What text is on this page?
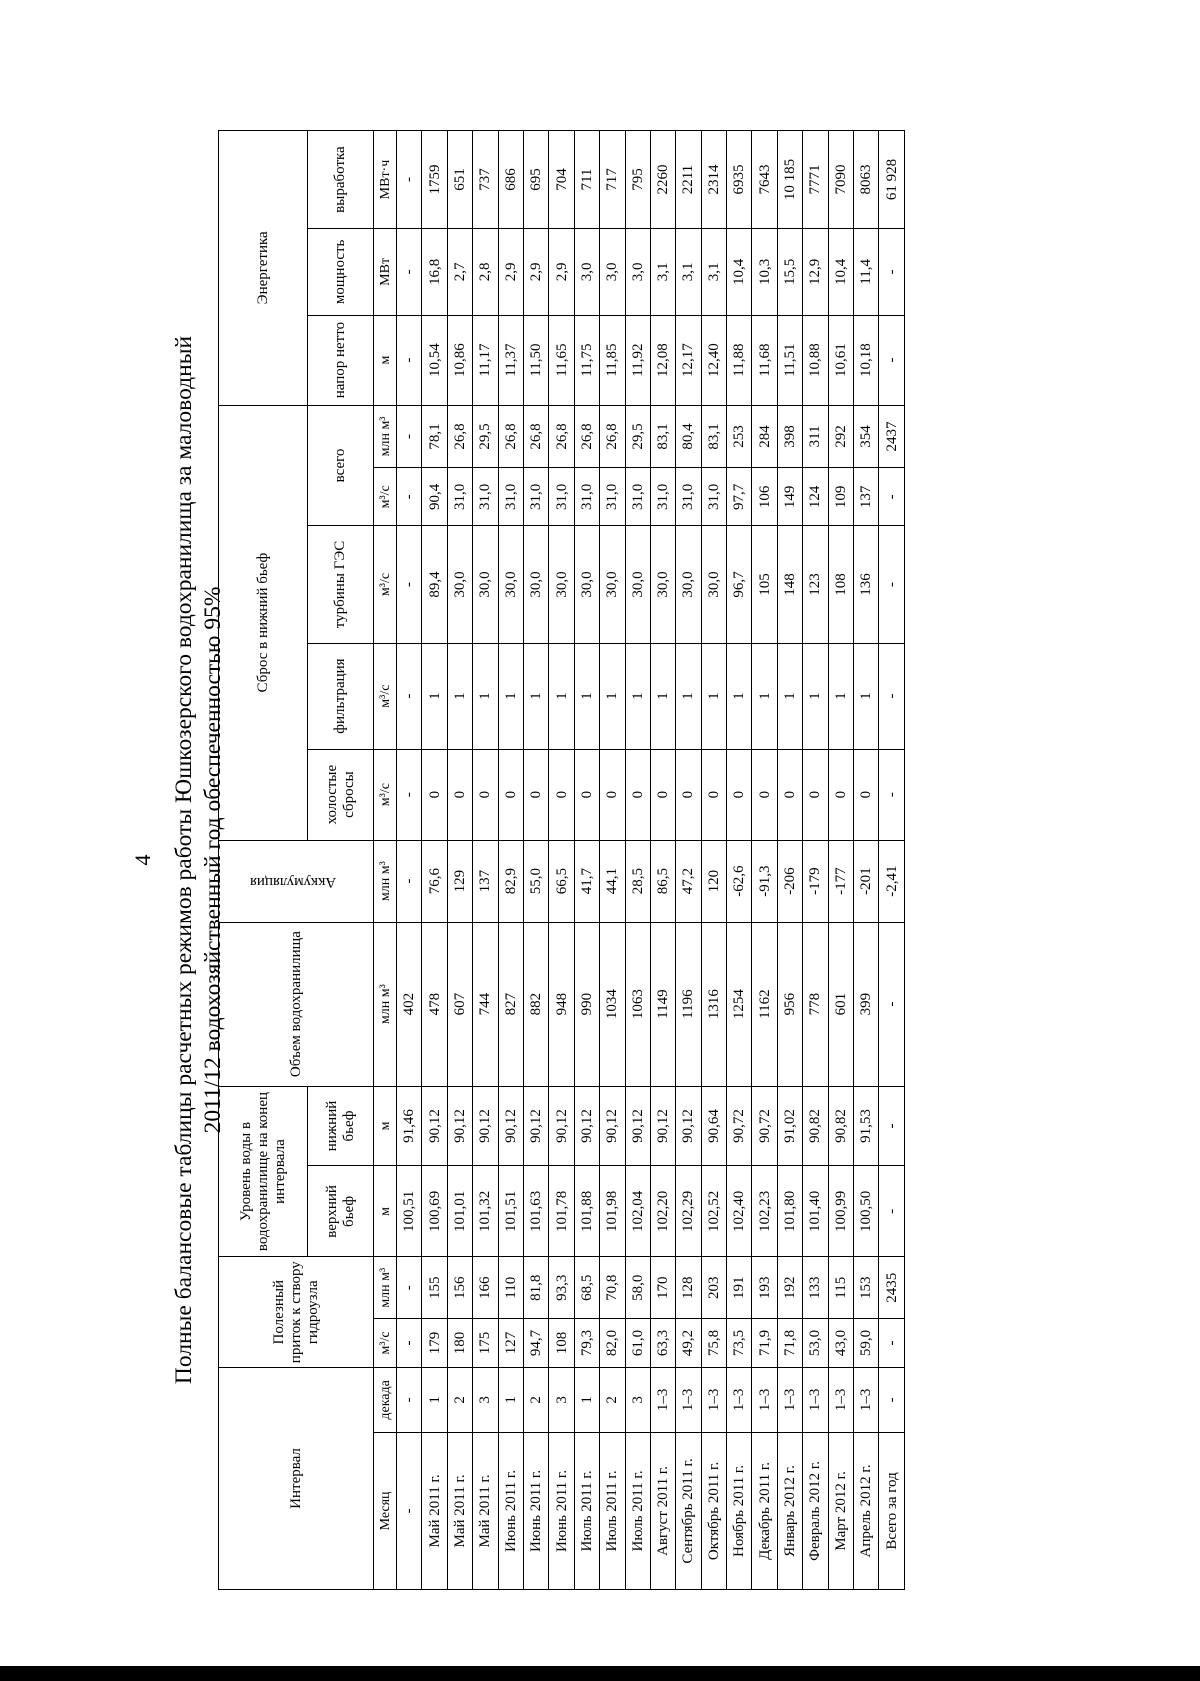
4 Полные балансовые таблицы расчетных режимов работы Юшкозерского водохранилища за маловодный 2011/12 водохозяйственный год обеспеченностью 95%
Интервал		Полезный приток к створу гидроузла		Уровень воды в водохранилище на конец интервала		Объем водохранилища	Аккумуляция	Сброс в нижний бьеф					Энергетика		
				верхний бьеф	нижний бьеф			холостые сбросы	фильтрация	турбины ГЭС	всего		напор нетто	мощность	выработка
Месяц	декада	м³/с	млн м³	м	м	млн м³	млн м³	м³/с	м³/с	м³/с	м³/с	млн м³	м	МВт	МВт·ч
-	-	-	-	100,51	91,46	402	-	-	-	-	-	-	-	-	-
Май 2011 г.	1	179	155	100,69	90,12	478	76,6	0	1	89,4	90,4	78,1	10,54	16,8	1759
Май 2011 г.	2	180	156	101,01	90,12	607	129	0	1	30,0	31,0	26,8	10,86	2,7	651
Май 2011 г.	3	175	166	101,32	90,12	744	137	0	1	30,0	31,0	29,5	11,17	2,8	737
Июнь 2011 г.	1	127	110	101,51	90,12	827	82,9	0	1	30,0	31,0	26,8	11,37	2,9	686
Июнь 2011 г.	2	94,7	81,8	101,63	90,12	882	55,0	0	1	30,0	31,0	26,8	11,50	2,9	695
Июнь 2011 г.	3	108	93,3	101,78	90,12	948	66,5	0	1	30,0	31,0	26,8	11,65	2,9	704
Июль 2011 г.	1	79,3	68,5	101,88	90,12	990	41,7	0	1	30,0	31,0	26,8	11,75	3,0	711
Июль 2011 г.	2	82,0	70,8	101,98	90,12	1034	44,1	0	1	30,0	31,0	26,8	11,85	3,0	717
Июль 2011 г.	3	61,0	58,0	102,04	90,12	1063	28,5	0	1	30,0	31,0	29,5	11,92	3,0	795
Август 2011 г.	1–3	63,3	170	102,20	90,12	1149	86,5	0	1	30,0	31,0	83,1	12,08	3,1	2260
Сентябрь 2011 г.	1–3	49,2	128	102,29	90,12	1196	47,2	0	1	30,0	31,0	80,4	12,17	3,1	2211
Октябрь 2011 г.	1–3	75,8	203	102,52	90,64	1316	120	0	1	30,0	31,0	83,1	12,40	3,1	2314
Ноябрь 2011 г.	1–3	73,5	191	102,40	90,72	1254	-62,6	0	1	96,7	97,7	253	11,88	10,4	6935
Декабрь 2011 г.	1–3	71,9	193	102,23	90,72	1162	-91,3	0	1	105	106	284	11,68	10,3	7643
Январь 2012 г.	1–3	71,8	192	101,80	91,02	956	-206	0	1	148	149	398	11,51	15,5	10 185
Февраль 2012 г.	1–3	53,0	133	101,40	90,82	778	-179	0	1	123	124	311	10,88	12,9	7771
Март 2012 г.	1–3	43,0	115	100,99	90,82	601	-177	0	1	108	109	292	10,61	10,4	7090
Апрель 2012 г.	1–3	59,0	153	100,50	91,53	399	-201	0	1	136	137	354	10,18	11,4	8063
Всего за год	-	-	2435	-	-	-	-2,41	-	-	-	-	2437	-	-	61 928
